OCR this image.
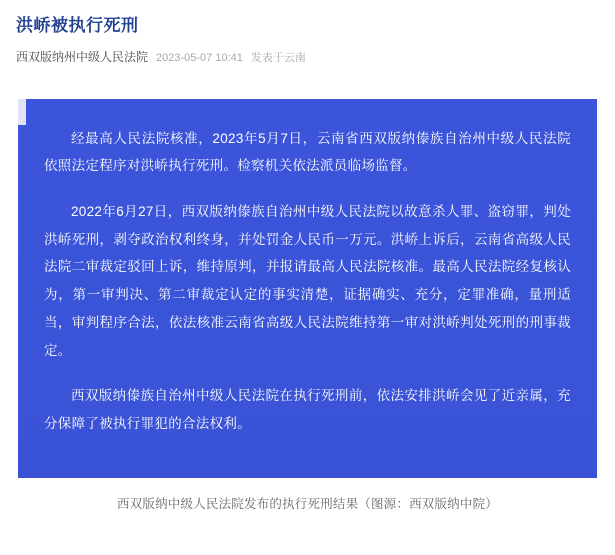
洪峤被执行死刑
西双版纳州中级人民法院 2023-05-07 10:41 发表于云南

经最高人民法院核准，2023年5月7日，云南省西双版纳傣族自治州中级人民法院依照法定程序对洪峤执行死刑。检察机关依法派员临场监督。

2022年6月27日，西双版纳傣族自治州中级人民法院以故意杀人罪、盗窃罪，判处洪峤死刑，剥夺政治权利终身，并处罚金人民币一万元。洪峤上诉后，云南省高级人民法院二审裁定驳回上诉，维持原判，并报请最高人民法院核准。最高人民法院经复核认为，第一审判决、第二审裁定认定的事实清楚，证据确实、充分，定罪准确，量刑适当，审判程序合法，依法核准云南省高级人民法院维持第一审对洪峤判处死刑的刑事裁定。

西双版纳傣族自治州中级人民法院在执行死刑前，依法安排洪峤会见了近亲属，充分保障了被执行罪犯的合法权利。

西双版纳中级人民法院发布的执行死刑结果（图源：西双版纳中院）
